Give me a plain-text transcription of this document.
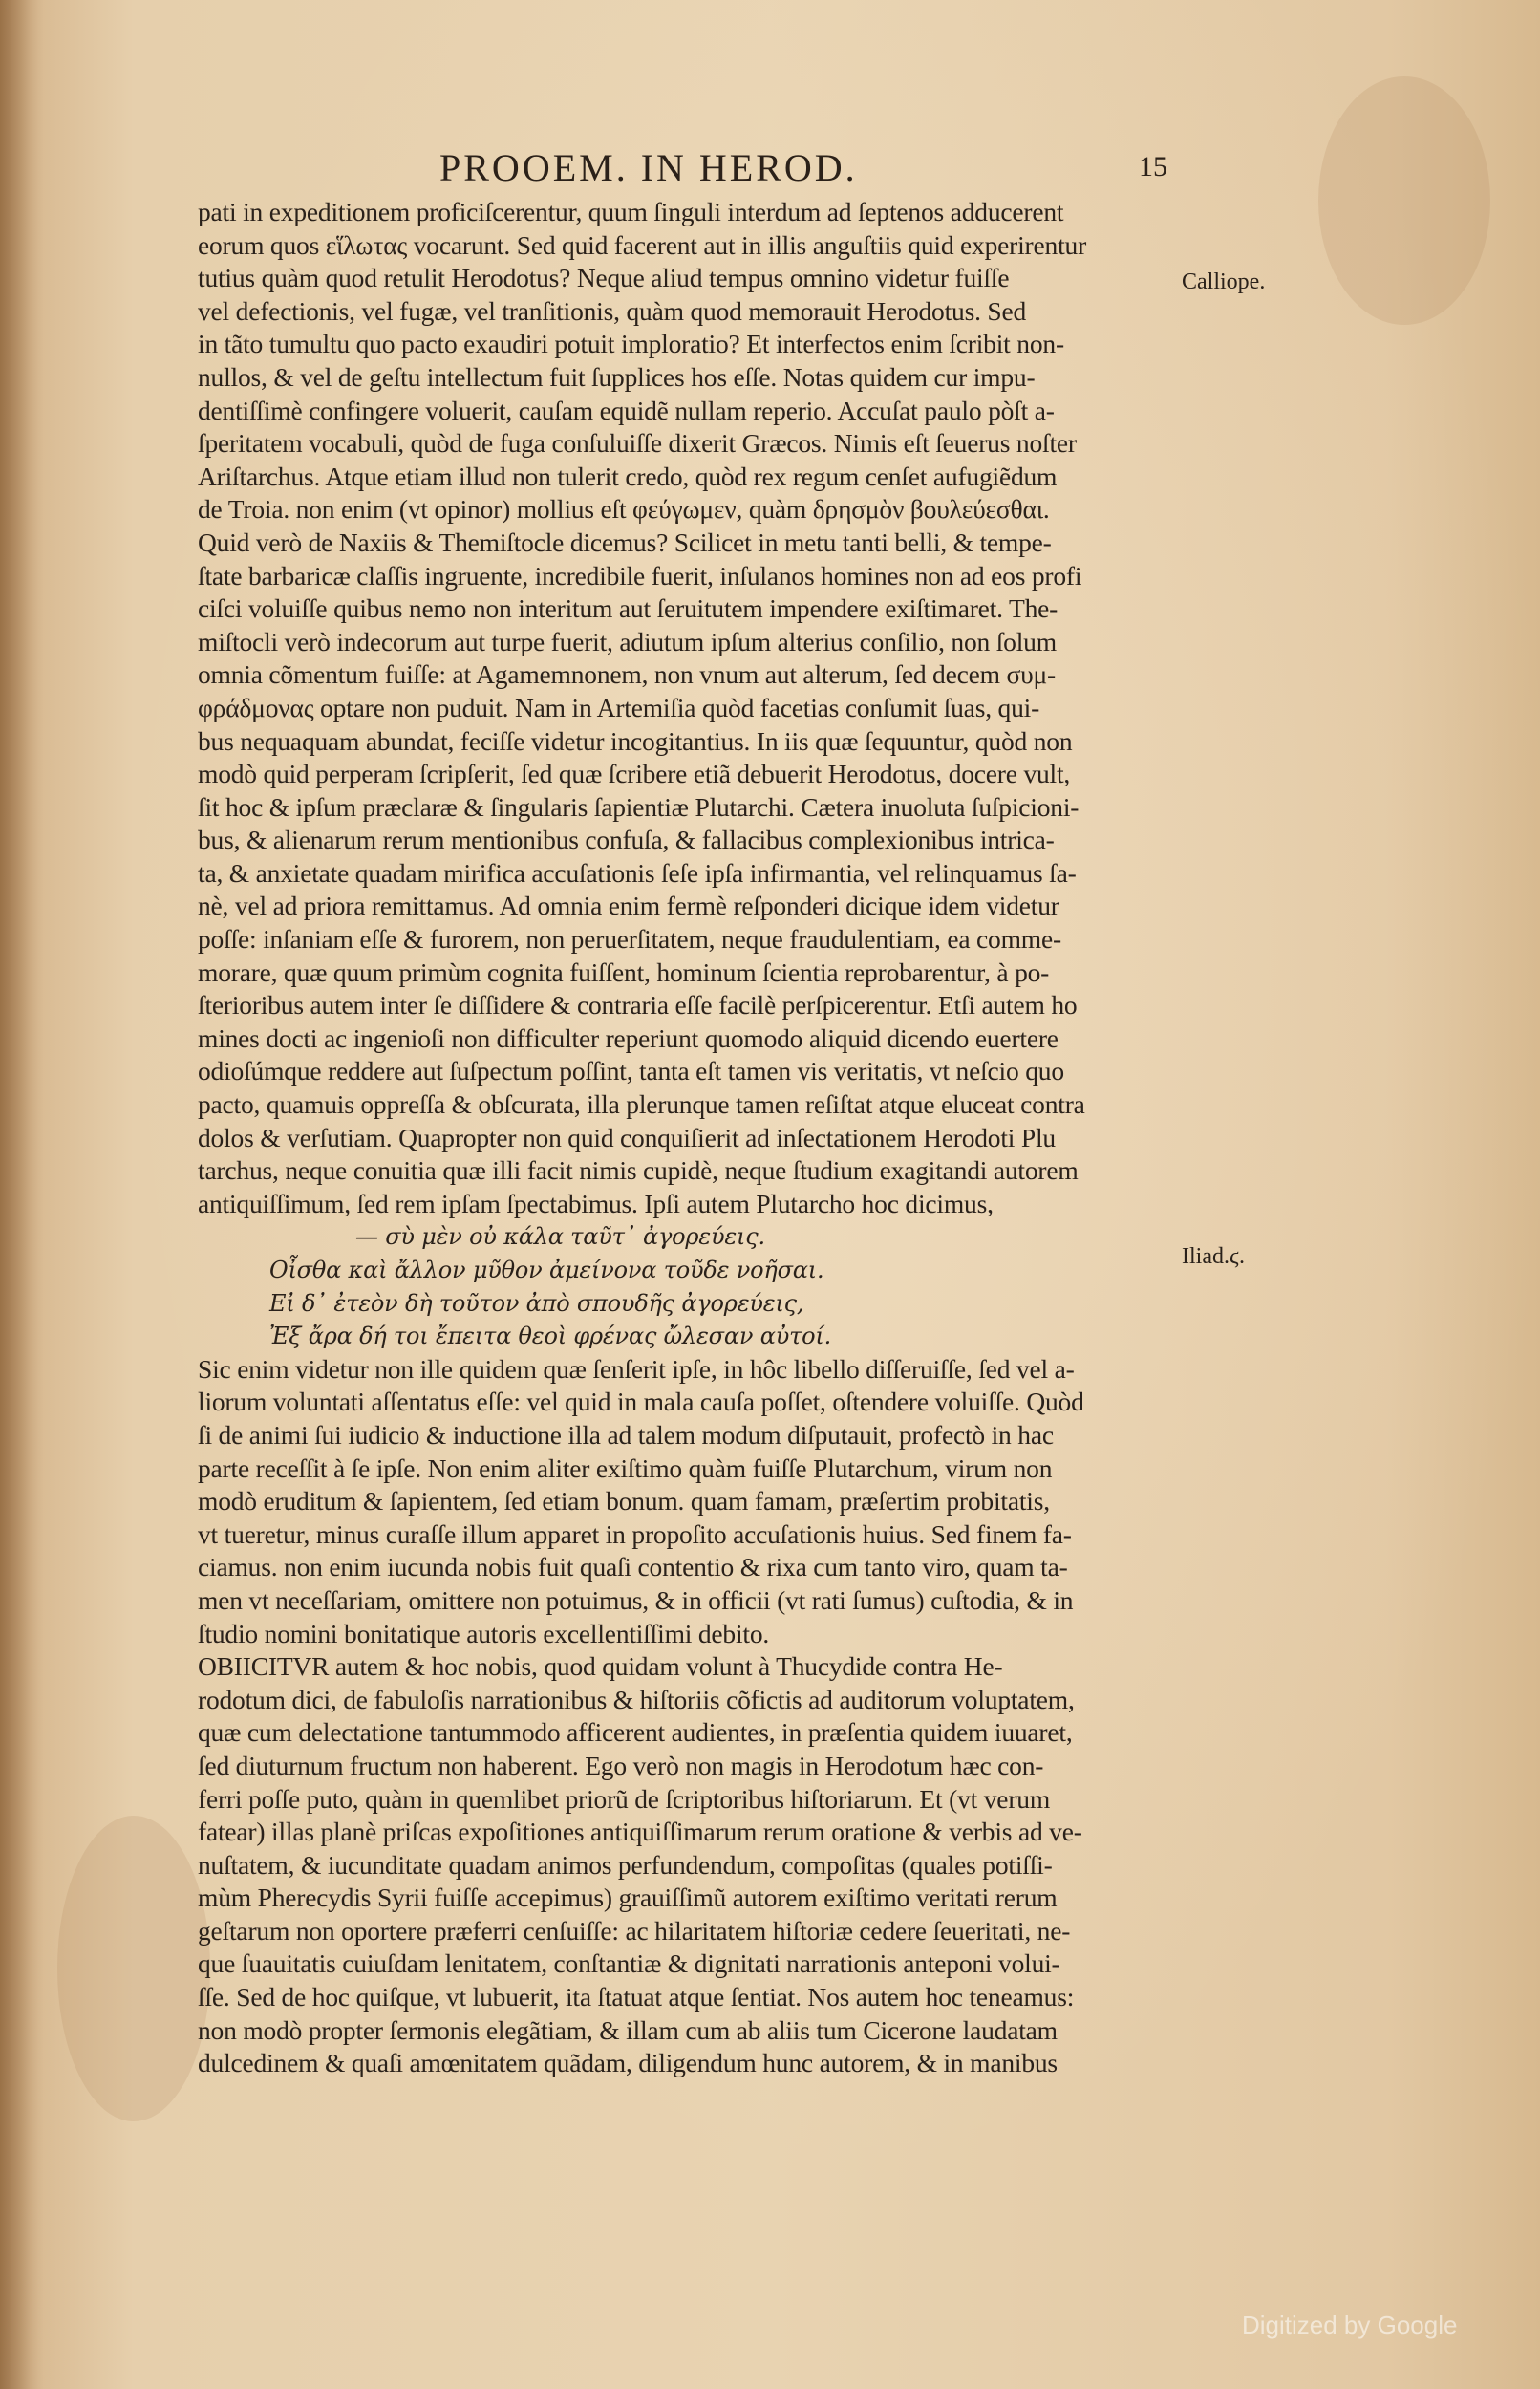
PROOEM. IN HEROD.	15
pati in expeditionem proficiſcerentur, quum ſinguli interdum ad ſeptenos adducerent
eorum quos εἵλωτας vocarunt. Sed quid facerent aut in illis anguſtiis quid experirentur
tutius quàm quod retulit Herodotus? Neque aliud tempus omnino videtur fuiſſe
vel defectionis, vel fugæ, vel tranſitionis, quàm quod memorauit Herodotus. Sed
in tãto tumultu quo pacto exaudiri potuit imploratio? Et interfectos enim ſcribit non-
nullos, & vel de geſtu intellectum fuit ſupplices hos eſſe. Notas quidem cur impu-
dentiſſimè confingere voluerit, cauſam equidẽ nullam reperio. Accuſat paulo pòſt a-
ſperitatem vocabuli, quòd de fuga conſuluiſſe dixerit Græcos. Nimis eſt ſeuerus noſter
Ariſtarchus. Atque etiam illud non tulerit credo, quòd rex regum cenſet aufugiẽdum
de Troia. non enim (vt opinor) mollius eſt φεύγωμεν, quàm δρησμὸν βουλεύεσθαι.
Quid verò de Naxiis & Themiſtocle dicemus? Scilicet in metu tanti belli, & tempe-
ſtate barbaricæ claſſis ingruente, incredibile fuerit, inſulanos homines non ad eos profi
ciſci voluiſſe quibus nemo non interitum aut ſeruitutem impendere exiſtimaret. The-
miſtocli verò indecorum aut turpe fuerit, adiutum ipſum alterius conſilio, non ſolum
omnia cõmentum fuiſſe: at Agamemnonem, non vnum aut alterum, ſed decem συμ-
φράδμονας optare non puduit. Nam in Artemiſia quòd facetias conſumit ſuas, qui-
bus nequaquam abundat, feciſſe videtur incogitantius. In iis quæ ſequuntur, quòd non
modò quid perperam ſcripſerit, ſed quæ ſcribere etiã debuerit Herodotus, docere vult,
ſit hoc & ipſum præclaræ & ſingularis ſapientiæ Plutarchi. Cætera inuoluta ſuſpicioni-
bus, & alienarum rerum mentionibus confuſa, & fallacibus complexionibus intrica-
ta, & anxietate quadam mirifica accuſationis ſeſe ipſa infirmantia, vel relinquamus ſa-
nè, vel ad priora remittamus. Ad omnia enim fermè reſponderi dicique idem videtur
poſſe: inſaniam eſſe & furorem, non peruerſitatem, neque fraudulentiam, ea comme-
morare, quæ quum primùm cognita fuiſſent, hominum ſcientia reprobarentur, à po-
ſterioribus autem inter ſe diſſidere & contraria eſſe facilè perſpicerentur. Etſi autem ho
mines docti ac ingenioſi non difficulter reperiunt quomodo aliquid dicendo euertere
odioſúmque reddere aut ſuſpectum poſſint, tanta eſt tamen vis veritatis, vt neſcio quo
pacto, quamuis oppreſſa & obſcurata, illa plerunque tamen reſiſtat atque eluceat contra
dolos & verſutiam. Quapropter non quid conquiſierit ad inſectationem Herodoti Plu
tarchus, neque conuitia quæ illi facit nimis cupidè, neque ſtudium exagitandi autorem
antiquiſſimum, ſed rem ipſam ſpectabimus. Ipſi autem Plutarcho hoc dicimus,
— σὺ μὲν οὐ κάλα ταῦτ᾽ ἀγορεύεις.
Οἶσθα καὶ ἄλλον μῦθον ἀμείνονα τοῦδε νοῆσαι.
Εἰ δ᾽ ἐτεὸν δὴ τοῦτον ἀπὸ σπουδῆς ἀγορεύεις,
Ἐξ ἄρα δή τοι ἔπειτα θεοὶ φρένας ὤλεσαν αὐτοί.
Sic enim videtur non ille quidem quæ ſenſerit ipſe, in hôc libello diſſeruiſſe, ſed vel a-
liorum voluntati aſſentatus eſſe: vel quid in mala cauſa poſſet, oſtendere voluiſſe. Quòd
ſi de animi ſui iudicio & inductione illa ad talem modum diſputauit, profectò in hac
parte receſſit à ſe ipſe. Non enim aliter exiſtimo quàm fuiſſe Plutarchum, virum non
modò eruditum & ſapientem, ſed etiam bonum. quam famam, præſertim probitatis,
vt tueretur, minus curaſſe illum apparet in propoſito accuſationis huius. Sed finem fa-
ciamus. non enim iucunda nobis fuit quaſi contentio & rixa cum tanto viro, quam ta-
men vt neceſſariam, omittere non potuimus, & in officii (vt rati ſumus) cuſtodia, & in
ſtudio nomini bonitatique autoris excellentiſſimi debito.
OBIICITVR autem & hoc nobis, quod quidam volunt à Thucydide contra He-
rodotum dici, de fabuloſis narrationibus & hiſtoriis cõfictis ad auditorum voluptatem,
quæ cum delectatione tantummodo afficerent audientes, in præſentia quidem iuuaret,
ſed diuturnum fructum non haberent. Ego verò non magis in Herodotum hæc con-
ferri poſſe puto, quàm in quemlibet priorũ de ſcriptoribus hiſtoriarum. Et (vt verum
fatear) illas planè priſcas expoſitiones antiquiſſimarum rerum oratione & verbis ad ve-
nuſtatem, & iucunditate quadam animos perfundendum, compoſitas (quales potiſſi-
mùm Pherecydis Syrii fuiſſe accepimus) grauiſſimũ autorem exiſtimo veritati rerum
geſtarum non oportere præferri cenſuiſſe: ac hilaritatem hiſtoriæ cedere ſeueritati, ne-
que ſuauitatis cuiuſdam lenitatem, conſtantiæ & dignitati narrationis anteponi volui-
ſſe. Sed de hoc quiſque, vt lubuerit, ita ſtatuat atque ſentiat. Nos autem hoc teneamus:
non modò propter ſermonis elegãtiam, & illam cum ab aliis tum Cicerone laudatam
dulcedinem & quaſi amœnitatem quãdam, diligendum hunc autorem, & in manibus
Calliope.
Iliad.ϛ.
Digitized by Google
